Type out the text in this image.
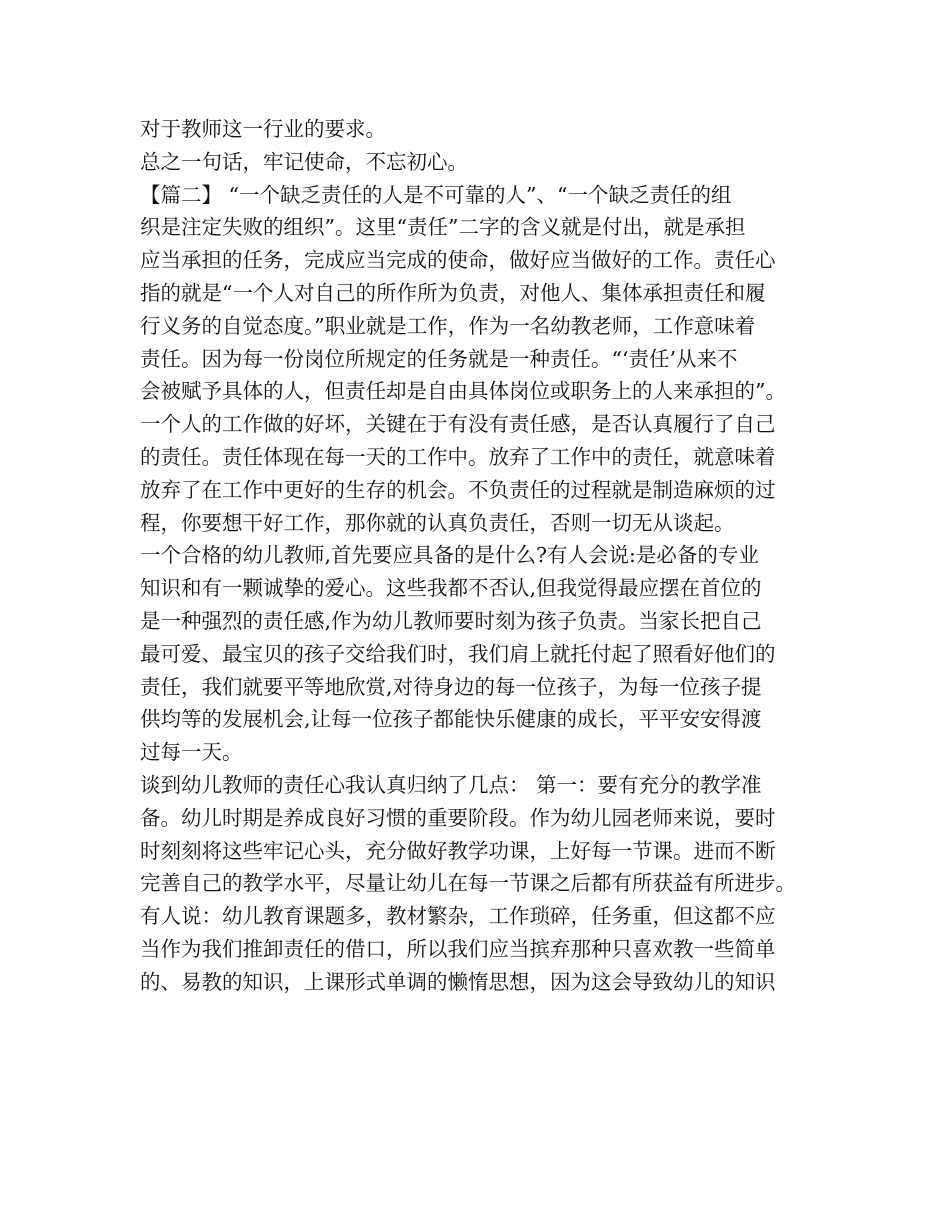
对于教师这一行业的要求。
总之一句话，牢记使命，不忘初心。
【篇二】 “一个缺乏责任的人是不可靠的人”、“一个缺乏责任的组
织是注定失败的组织”。这里“责任”二字的含义就是付出，就是承担
应当承担的任务，完成应当完成的使命，做好应当做好的工作。责任心
指的就是“一个人对自己的所作所为负责，对他人、集体承担责任和履
行义务的自觉态度。”职业就是工作，作为一名幼教老师，工作意味着
责任。因为每一份岗位所规定的任务就是一种责任。“‘责任’从来不
会被赋予具体的人，但责任却是自由具体岗位或职务上的人来承担的”。
一个人的工作做的好坏，关键在于有没有责任感，是否认真履行了自己
的责任。责任体现在每一天的工作中。放弃了工作中的责任，就意味着
放弃了在工作中更好的生存的机会。不负责任的过程就是制造麻烦的过
程，你要想干好工作，那你就的认真负责任，否则一切无从谈起。
一个合格的幼儿教师,首先要应具备的是什么?有人会说:是必备的专业
知识和有一颗诚挚的爱心。这些我都不否认,但我觉得最应摆在首位的
是一种强烈的责任感,作为幼儿教师要时刻为孩子负责。当家长把自己
最可爱、最宝贝的孩子交给我们时，我们肩上就托付起了照看好他们的
责任，我们就要平等地欣赏,对待身边的每一位孩子，为每一位孩子提
供均等的发展机会,让每一位孩子都能快乐健康的成长，平平安安得渡
过每一天。
谈到幼儿教师的责任心我认真归纳了几点： 第一：要有充分的教学准
备。幼儿时期是养成良好习惯的重要阶段。作为幼儿园老师来说，要时
时刻刻将这些牢记心头，充分做好教学功课，上好每一节课。进而不断
完善自己的教学水平，尽量让幼儿在每一节课之后都有所获益有所进步。
有人说：幼儿教育课题多，教材繁杂，工作琐碎，任务重，但这都不应
当作为我们推卸责任的借口，所以我们应当摈弃那种只喜欢教一些简单
的、易教的知识，上课形式单调的懒惰思想，因为这会导致幼儿的知识
